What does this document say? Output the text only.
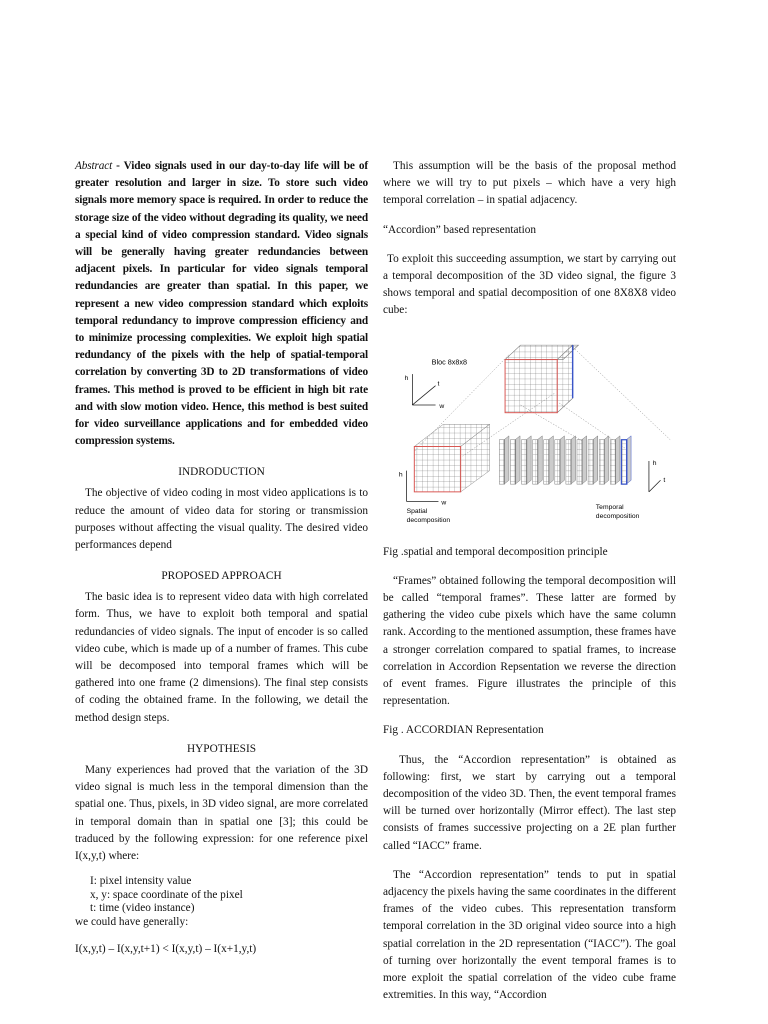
Abstract - Video signals used in our day-to-day life will be of greater resolution and larger in size. To store such video signals more memory space is required. In order to reduce the storage size of the video without degrading its quality, we need a special kind of video compression standard. Video signals will be generally having greater redundancies between adjacent pixels. In particular for video signals temporal redundancies are greater than spatial. In this paper, we represent a new video compression standard which exploits temporal redundancy to improve compression efficiency and to minimize processing complexities. We exploit high spatial redundancy of the pixels with the help of spatial-temporal correlation by converting 3D to 2D transformations of video frames. This method is proved to be efficient in high bit rate and with slow motion video. Hence, this method is best suited for video surveillance applications and for embedded video compression systems.

INDRODUCTION

The objective of video coding in most video applications is to reduce the amount of video data for storing or transmission purposes without affecting the visual quality. The desired video performances depend

PROPOSED APPROACH

The basic idea is to represent video data with high correlated form. Thus, we have to exploit both temporal and spatial redundancies of video signals. The input of encoder is so called video cube, which is made up of a number of frames. This cube will be decomposed into temporal frames which will be gathered into one frame (2 dimensions). The final step consists of coding the obtained frame. In the following, we detail the method design steps.

HYPOTHESIS

Many experiences had proved that the variation of the 3D video signal is much less in the temporal dimension than the spatial one. Thus, pixels, in 3D video signal, are more correlated in temporal domain than in spatial one [3]; this could be traduced by the following expression: for one reference pixel I(x,y,t) where:

I: pixel intensity value
x, y: space coordinate of the pixel
t: time (video instance)
we could have generally:
I(x,y,t) – I(x,y,t+1) < I(x,y,t) – I(x+1,y,t)

This assumption will be the basis of the proposal method where we will try to put pixels – which have a very high temporal correlation – in spatial adjacency.

“Accordion” based representation

To exploit this succeeding assumption, we start by carrying out a temporal decomposition of the 3D video signal, the figure 3 shows temporal and spatial decomposition of one 8X8X8 video cube:

Bloc 8x8x8
h
t
w
h
w
Spatial
decomposition
h
t
Temporal
decomposition
Fig .spatial and temporal decomposition principle

“Frames” obtained following the temporal decomposition will be called “temporal frames”. These latter are formed by gathering the video cube pixels which have the same column rank. According to the mentioned assumption, these frames have a stronger correlation compared to spatial frames, to increase correlation in Accordion Repsentation we reverse the direction of event frames. Figure illustrates the principle of this representation.

Fig . ACCORDIAN Representation

Thus, the “Accordion representation” is obtained as following: first, we start by carrying out a temporal decomposition of the video 3D. Then, the event temporal frames will be turned over horizontally (Mirror effect). The last step consists of frames successive projecting on a 2E plan further called “IACC” frame.

The “Accordion representation” tends to put in spatial adjacency the pixels having the same coordinates in the different frames of the video cubes. This representation transform temporal correlation in the 3D original video source into a high spatial correlation in the 2D representation (“IACC”). The goal of turning over horizontally the event temporal frames is to more exploit the spatial correlation of the video cube frame extremities. In this way, “Accordion
